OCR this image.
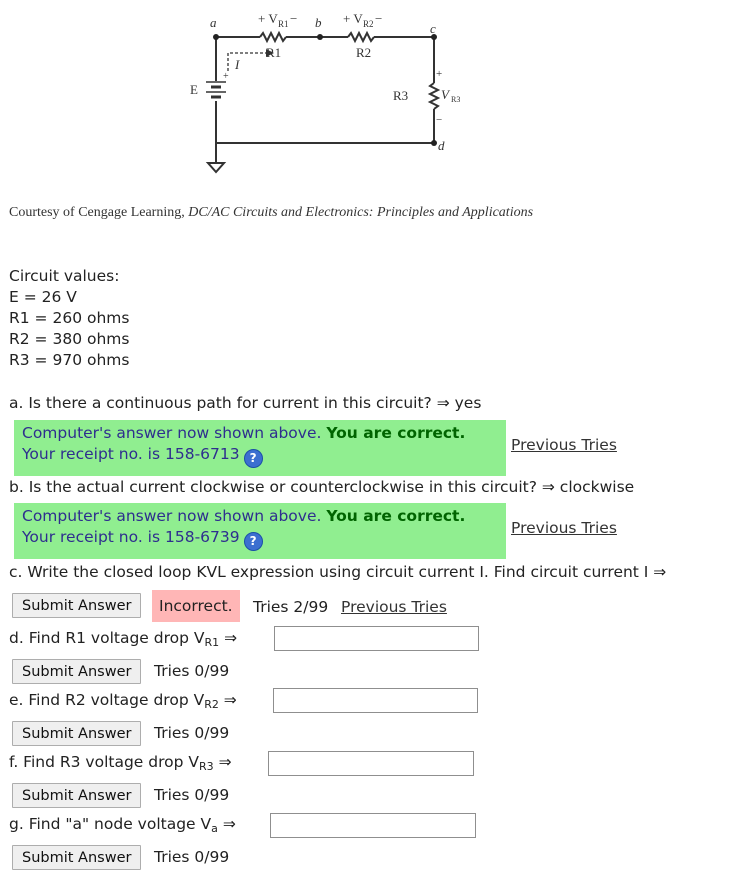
a	b	c
d
+ V R1 −	+ V R2 −
R1	R2
R3
E
I
+	+
V R3
−
Courtesy of Cengage Learning, DC/AC Circuits and Electronics: Principles and Applications
Circuit values:
E = 26 V
R1 = 260 ohms
R2 = 380 ohms
R3 = 970 ohms
a. Is there a continuous path for current in this circuit? ⇒ yes
Computer's answer now shown above. You are correct.
Your receipt no. is 158-6713 ?
Previous Tries
b. Is the actual current clockwise or counterclockwise in this circuit? ⇒ clockwise
Computer's answer now shown above. You are correct.
Your receipt no. is 158-6739 ?
Previous Tries
c. Write the closed loop KVL expression using circuit current I. Find circuit current I ⇒
Submit Answer	Incorrect.	Tries 2/99 Previous Tries
d. Find R1 voltage drop $V_{R1}$ ⇒
Submit Answer	Tries 0/99
e. Find R2 voltage drop $V_{R2}$ ⇒
Submit Answer	Tries 0/99
f. Find R3 voltage drop $V_{R3}$ ⇒
Submit Answer	Tries 0/99
g. Find "a" node voltage $V_a$ ⇒
Submit Answer	Tries 0/99
